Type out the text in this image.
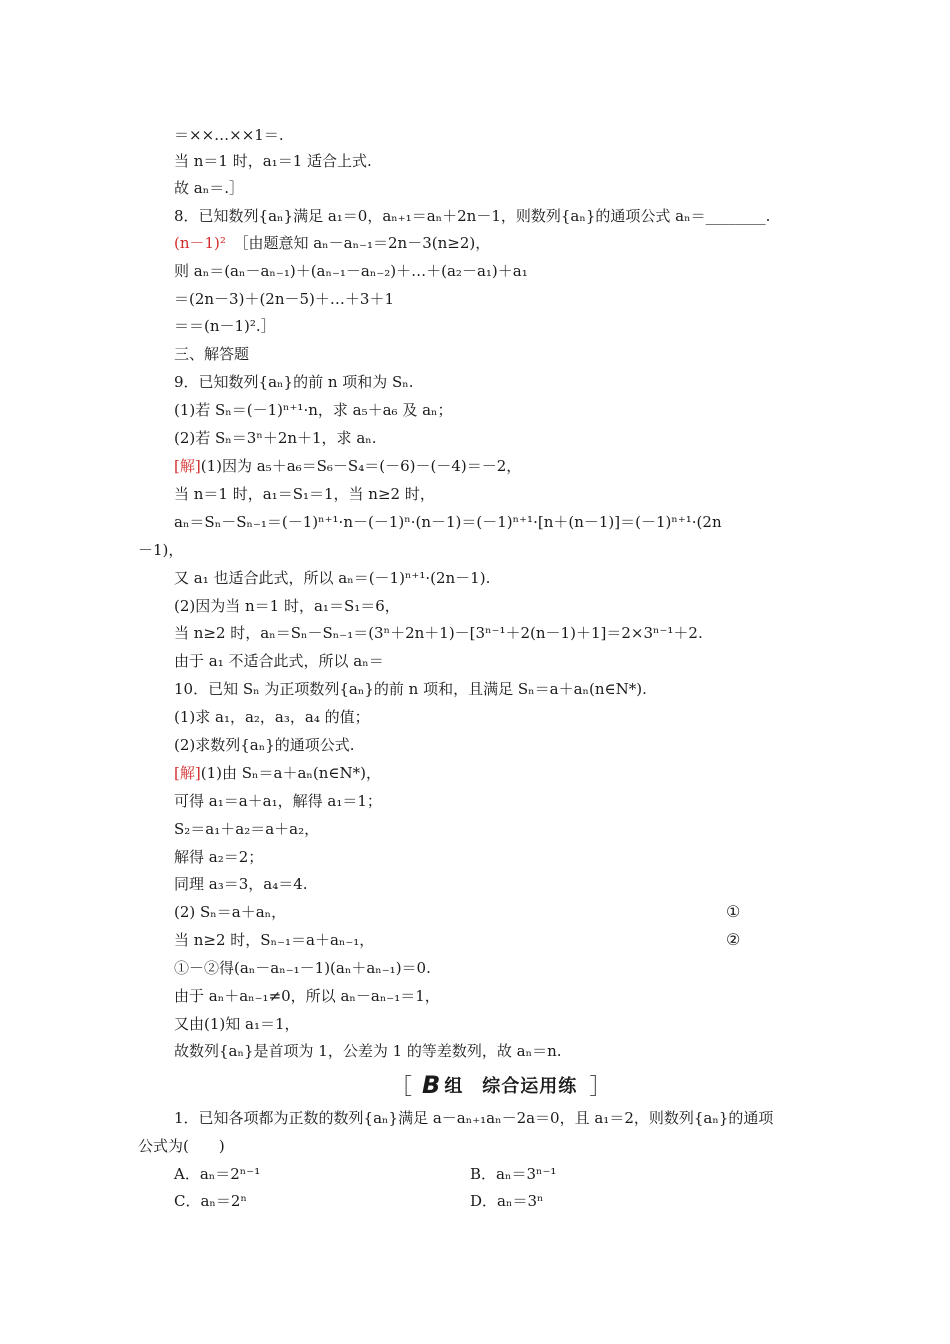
＝××…××1＝.
当 n＝1 时，a₁＝1 适合上式.
故 aₙ＝.］
8．已知数列{aₙ}满足 a₁＝0，aₙ₊₁＝aₙ＋2n－1，则数列{aₙ}的通项公式 aₙ＝________.
(n－1)²　 ［由题意知 aₙ－aₙ₋₁＝2n－3(n≥2)，
则 aₙ＝(aₙ－aₙ₋₁)＋(aₙ₋₁－aₙ₋₂)＋…＋(a₂－a₁)＋a₁
＝(2n－3)＋(2n－5)＋…＋3＋1
＝＝(n－1)².］
三、解答题
9．已知数列{aₙ}的前 n 项和为 Sₙ.
(1)若 Sₙ＝(－1)ⁿ⁺¹·n，求 a₅＋a₆ 及 aₙ；
(2)若 Sₙ＝3ⁿ＋2n＋1，求 aₙ.
[解](1)因为 a₅＋a₆＝S₆－S₄＝(－6)－(－4)＝－2，
当 n＝1 时，a₁＝S₁＝1，当 n≥2 时，
aₙ＝Sₙ－Sₙ₋₁＝(－1)ⁿ⁺¹·n－(－1)ⁿ·(n－1)＝(－1)ⁿ⁺¹·[n＋(n－1)]＝(－1)ⁿ⁺¹·(2n
－1)，
又 a₁ 也适合此式，所以 aₙ＝(－1)ⁿ⁺¹·(2n－1).
(2)因为当 n＝1 时，a₁＝S₁＝6，
当 n≥2 时，aₙ＝Sₙ－Sₙ₋₁＝(3ⁿ＋2n＋1)－[3ⁿ⁻¹＋2(n－1)＋1]＝2×3ⁿ⁻¹＋2.
由于 a₁ 不适合此式，所以 aₙ＝
10．已知 Sₙ 为正项数列{aₙ}的前 n 项和，且满足 Sₙ＝a＋aₙ(n∈N*).
(1)求 a₁，a₂，a₃，a₄ 的值；
(2)求数列{aₙ}的通项公式.
[解](1)由 Sₙ＝a＋aₙ(n∈N*)，
可得 a₁＝a＋a₁，解得 a₁＝1；
S₂＝a₁＋a₂＝a＋a₂，
解得 a₂＝2；
同理 a₃＝3，a₄＝4.
(2) Sₙ＝a＋aₙ，	①
当 n≥2 时，Sₙ₋₁＝a＋aₙ₋₁，	②
①－②得(aₙ－aₙ₋₁－1)(aₙ＋aₙ₋₁)＝0.
由于 aₙ＋aₙ₋₁≠0，所以 aₙ－aₙ₋₁＝1，
又由(1)知 a₁＝1，
故数列{aₙ}是首项为 1，公差为 1 的等差数列，故 aₙ＝n.
［ B 组　综合运用练 ］
1．已知各项都为正数的数列{aₙ}满足 a－aₙ₊₁aₙ－2a＝0，且 a₁＝2，则数列{aₙ}的通项
公式为(　　)
A．aₙ＝2ⁿ⁻¹	B．aₙ＝3ⁿ⁻¹
C．aₙ＝2ⁿ	D．aₙ＝3ⁿ
